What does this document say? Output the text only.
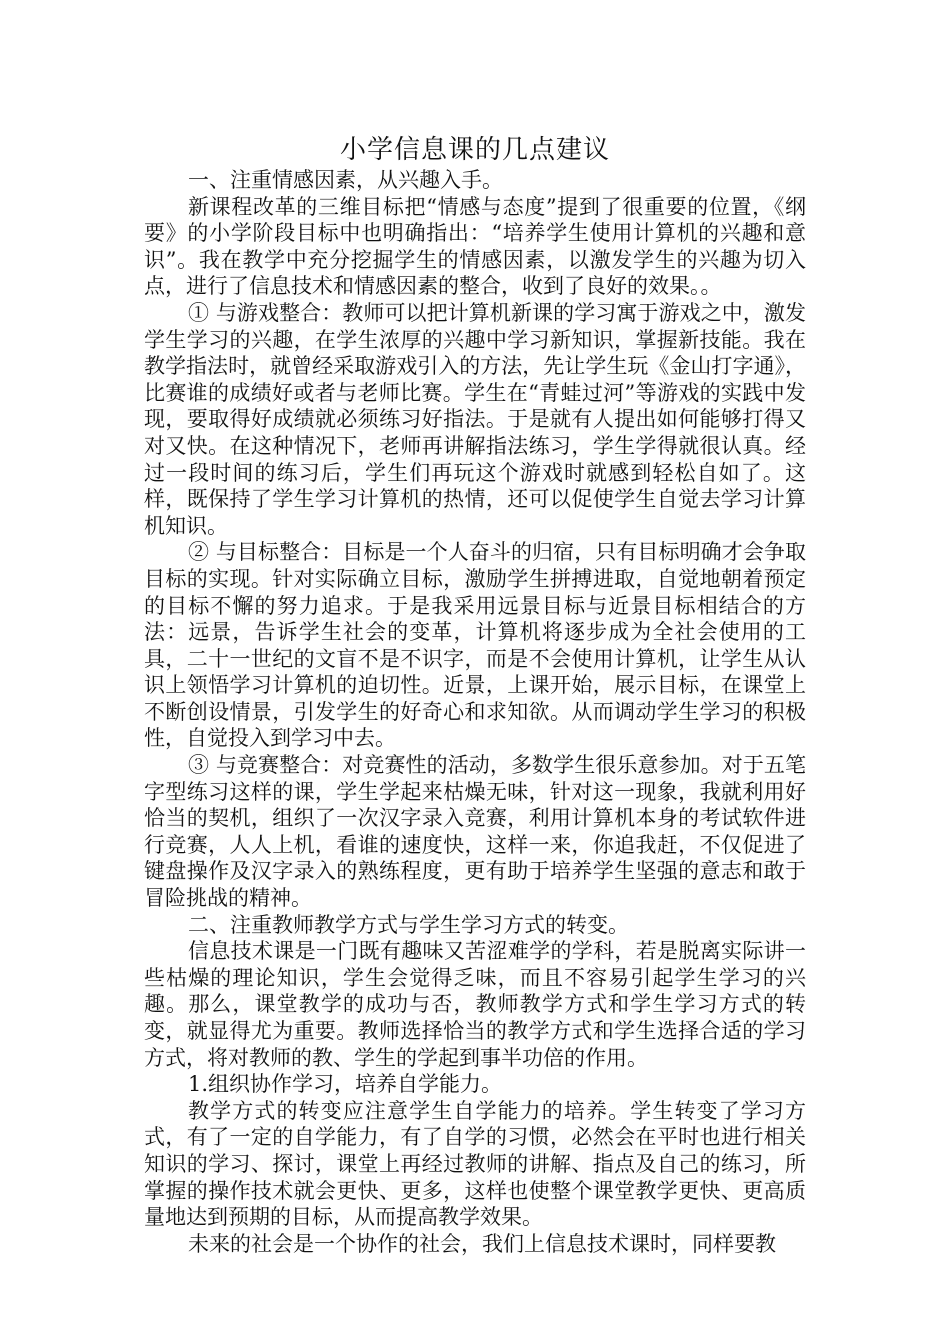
小学信息课的几点建议

一、注重情感因素，从兴趣入手。

新课程改革的三维目标把“情感与态度”提到了很重要的位置，《纲要》的小学阶段目标中也明确指出：“培养学生使用计算机的兴趣和意识”。我在教学中充分挖掘学生的情感因素，以激发学生的兴趣为切入点，进行了信息技术和情感因素的整合，收到了良好的效果。。

① 与游戏整合：教师可以把计算机新课的学习寓于游戏之中，激发学生学习的兴趣，在学生浓厚的兴趣中学习新知识，掌握新技能。我在教学指法时，就曾经采取游戏引入的方法，先让学生玩《金山打字通》，比赛谁的成绩好或者与老师比赛。学生在“青蛙过河”等游戏的实践中发现，要取得好成绩就必须练习好指法。于是就有人提出如何能够打得又对又快。在这种情况下，老师再讲解指法练习，学生学得就很认真。经过一段时间的练习后，学生们再玩这个游戏时就感到轻松自如了。这样，既保持了学生学习计算机的热情，还可以促使学生自觉去学习计算机知识。

② 与目标整合：目标是一个人奋斗的归宿，只有目标明确才会争取目标的实现。针对实际确立目标，激励学生拼搏进取，自觉地朝着预定的目标不懈的努力追求。于是我采用远景目标与近景目标相结合的方法：远景，告诉学生社会的变革，计算机将逐步成为全社会使用的工具，二十一世纪的文盲不是不识字，而是不会使用计算机，让学生从认识上领悟学习计算机的迫切性。近景，上课开始，展示目标，在课堂上不断创设情景，引发学生的好奇心和求知欲。从而调动学生学习的积极性，自觉投入到学习中去。

③ 与竞赛整合：对竞赛性的活动，多数学生很乐意参加。对于五笔字型练习这样的课，学生学起来枯燥无味，针对这一现象，我就利用好恰当的契机，组织了一次汉字录入竞赛，利用计算机本身的考试软件进行竞赛，人人上机，看谁的速度快，这样一来，你追我赶，不仅促进了键盘操作及汉字录入的熟练程度，更有助于培养学生坚强的意志和敢于冒险挑战的精神。

二、注重教师教学方式与学生学习方式的转变。

信息技术课是一门既有趣味又苦涩难学的学科，若是脱离实际讲一些枯燥的理论知识，学生会觉得乏味，而且不容易引起学生学习的兴趣。那么，课堂教学的成功与否，教师教学方式和学生学习方式的转变，就显得尤为重要。教师选择恰当的教学方式和学生选择合适的学习方式，将对教师的教、学生的学起到事半功倍的作用。

1.组织协作学习，培养自学能力。

教学方式的转变应注意学生自学能力的培养。学生转变了学习方式，有了一定的自学能力，有了自学的习惯，必然会在平时也进行相关知识的学习、探讨，课堂上再经过教师的讲解、指点及自己的练习，所掌握的操作技术就会更快、更多，这样也使整个课堂教学更快、更高质量地达到预期的目标，从而提高教学效果。

未来的社会是一个协作的社会，我们上信息技术课时，同样要教
